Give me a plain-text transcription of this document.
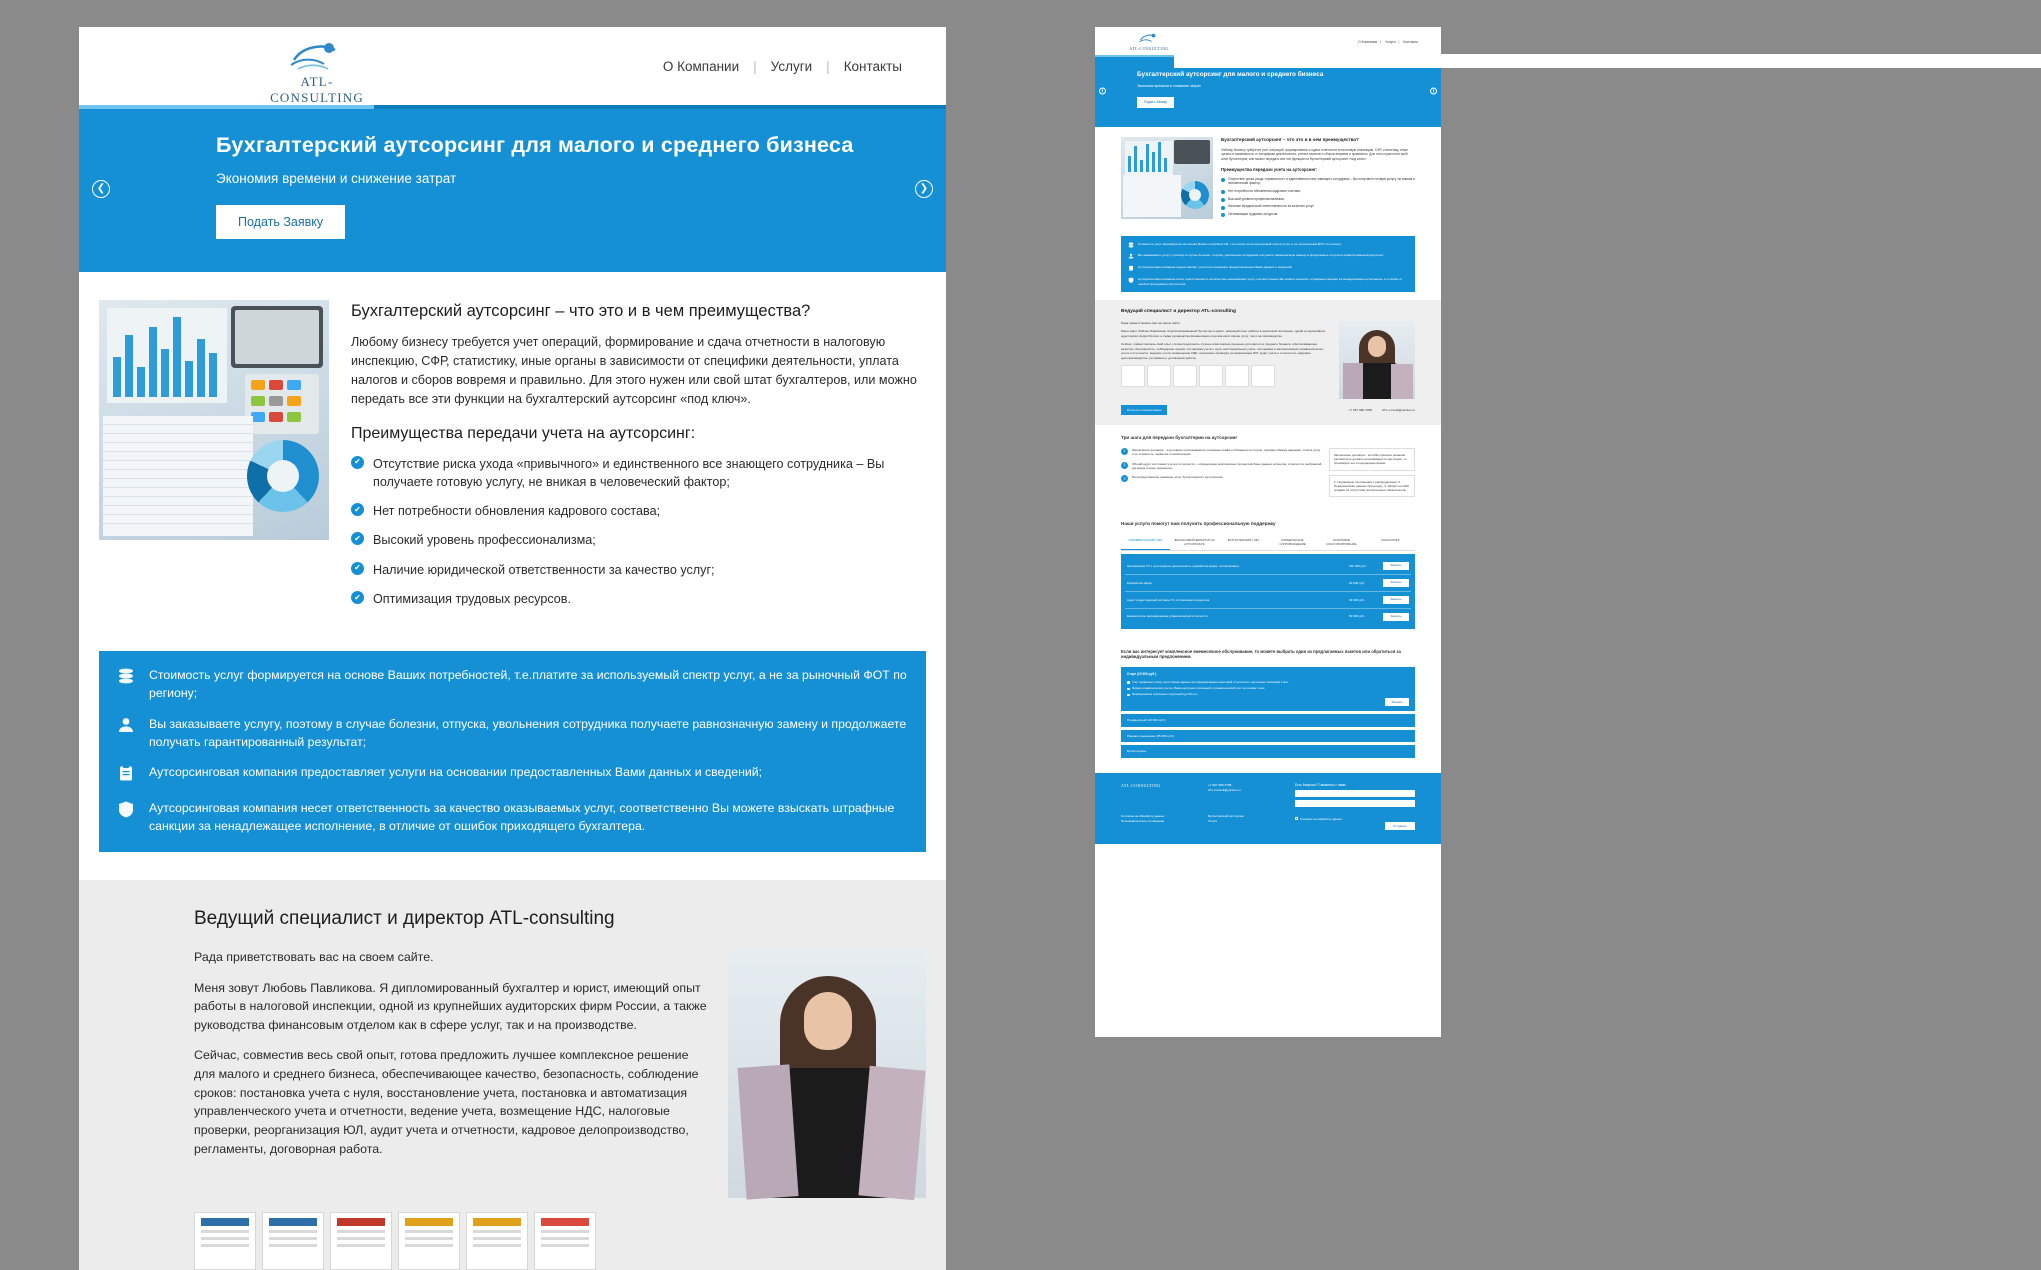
ATL-CONSULTING
О Компании	|	Услуги	|	Контакты
❮	❯
Бухгалтерский аутсорсинг для малого и среднего бизнеса
Экономия времени и снижение затрат
Подать Заявку
Бухгалтерский аутсорсинг – что это и в чем преимущества?

Любому бизнесу требуется учет операций, формирование и сдача отчетности в налоговую инспекцию, СФР, статистику, иные органы в зависимости от специфики деятельности, уплата налогов и сборов вовремя и правильно. Для этого нужен или свой штат бухгалтеров, или можно передать все эти функции на бухгалтерский аутсорсинг «под ключ».

Преимущества передачи учета на аутсорсинг:
✔ Отсутствие риска ухода «привычного» и единственного все знающего сотрудника – Вы получаете готовую услугу, не вникая в человеческий фактор;
✔ Нет потребности обновления кадрового состава;
✔ Высокий уровень профессионализма;
✔ Наличие юридической ответственности за качество услуг;
✔ Оптимизация трудовых ресурсов.
Стоимость услуг формируется на основе Ваших потребностей, т.е.платите за используемый спектр услуг, а не за рыночный ФОТ по региону;
Вы заказываете услугу, поэтому в случае болезни, отпуска, увольнения сотрудника получаете равнозначную замену и продолжаете получать гарантированный результат;
Аутсорсинговая компания предоставляет услуги на основании предоставленных Вами данных и сведений;
Аутсорсинговая компания несет ответственность за качество оказываемых услуг, соответственно Вы можете взыскать штрафные санкции за ненадлежащее исполнение, в отличие от ошибок приходящего бухгалтера.
Ведущий специалист и директор ATL-consulting

Рада приветствовать вас на своем сайте.

Меня зовут Любовь Павликова. Я дипломированный бухгалтер и юрист, имеющий опыт работы в налоговой инспекции, одной из крупнейших аудиторских фирм России, а также руководства финансовым отделом как в сфере услуг, так и на производстве.

Сейчас, совместив весь свой опыт, готова предложить лучшее комплексное решение для малого и среднего бизнеса, обеспечивающее качество, безопасность, соблюдение сроков: постановка учета с нуля, восстановление учета, постановка и автоматизация управленческого учета и отчетности, ведение учета, возмещение НДС, налоговые проверки, реорганизация ЮЛ, аудит учета и отчетности, кадровое делопроизводство, регламенты, договорная работа.

ATL-CONSULTING
О Компании | Услуги | Контакты
❮	❯
Бухгалтерский аутсорсинг для малого и среднего бизнеса
Экономия времени и снижение затрат
Подать Заявку
Бухгалтерский аутсорсинг – что это и в чем преимущества?

Любому бизнесу требуется учет операций, формирование и сдача отчетности в налоговую инспекцию, СФР, статистику, иные органы в зависимости от специфики деятельности, уплата налогов и сборов вовремя и правильно. Для этого нужен или свой штат бухгалтеров, или можно передать все эти функции на бухгалтерский аутсорсинг «под ключ».

Преимущества передачи учета на аутсорсинг:
Отсутствие риска ухода «привычного» и единственного все знающего сотрудника – Вы получаете готовую услугу, не вникая в человеческий фактор;
Нет потребности обновления кадрового состава;
Высокий уровень профессионализма;
Наличие юридической ответственности за качество услуг;
Оптимизация трудовых ресурсов.
Стоимость услуг формируется на основе Ваших потребностей, т.е.платите за используемый спектр услуг, а не за рыночный ФОТ по региону;
Вы заказываете услугу, поэтому в случае болезни, отпуска, увольнения сотрудника получаете равнозначную замену и продолжаете получать гарантированный результат;
Аутсорсинговая компания предоставляет услуги на основании предоставленных Вами данных и сведений;
Аутсорсинговая компания несет ответственность за качество оказываемых услуг, соответственно Вы можете взыскать штрафные санкции за ненадлежащее исполнение, в отличие от ошибок приходящего бухгалтера.
Ведущий специалист и директор ATL-consulting

Рада приветствовать вас на своем сайте.

Меня зовут Любовь Павликова. Я дипломированный бухгалтер и юрист, имеющий опыт работы в налоговой инспекции, одной из крупнейших аудиторских фирм России, а также руководства финансовым отделом как в сфере услуг, так и на производстве.

Сейчас, совместив весь свой опыт, готова предложить лучшее комплексное решение для малого и среднего бизнеса, обеспечивающее качество, безопасность, соблюдение сроков: постановка учета с нуля, восстановление учета, постановка и автоматизация управленческого учета и отчетности, ведение учета, возмещение НДС, налоговые проверки, реорганизация ЮЛ, аудит учета и отчетности, кадровое делопроизводство, регламенты, договорная работа.

Получить консультацию	+7 967 980 3788	ATL-consult@yandex.ru
Три шага для передачи бухгалтерии на аутсорсинг
1	Заключение договора – в договоре прописываются основные права и обязанности сторон, порядок обмена данными, список услуг и их стоимость, гарантии и компенсации.
2	Общий аудит состояния учета и отчетности – определение комплексных процессов базы данных клиентов, отчетности, выбранной договора и иные документы.
3	Непосредственное оказание услуг бухгалтерского аутсорсинга.
Заключение договора – если Вы приняли решение рассмотреть договор на возможность прочтения, то производит его в подходящее время.
1. Подписание соглашения о распределении; 2. Передача базы данных бухгалтеру; 3. Запрос на ИНС справки об отсутствии просроченных обязательств.
Наши услуги помогут вам получить профессиональную поддержку
УПРАВЛЕНЧЕСКИЙ УЧЁТ	ФИНАНСОВЫЙ ДИРЕКТОР НА АУТСОРСИНГЕ
БУХГАЛТЕРСКИЙ УЧЁТ	ЮРИДИЧЕСКОЕ СОПРОВОЖДЕНИЕ
НАЛОГОВОЕ КОНСУЛЬТИРОВАНИЕ
КОНСАЛТИНГ
Организация УУ с нуля (анализ деятельности, разработка форм, тестирование)	150 000 руб.	Заказать
Разработка форм	20 000 руб.	Заказать
Аудит существующей системы УУ, оптимизация процессов	30 000 руб.	Заказать
Ежемесячное формирование управленческой отчетности	50 000 руб.	Заказать

Если вас интересует комплексное ежемесячное обслуживание, то можете выбрать один из предлагаемых пакетов или обратиться за индивидуальным предложением.

Старт (20 000 руб.)
Учет первичных (сбор, регистрация данных для формирования налоговой отчетности и налоговых платежей) 1 мес.
Форма управленческих учета с Вами настроен платежный и управленческий учет на основе 1 мес.
Формирование платежных поручений (до 50 шт.)
Заказать
Продвинутый (40 000 руб.)
Разовое изменение (65 000 руб.)
Бухгалтерия+
ATL-CONSULTING	+7 967 980 3788
ATL-consult@yandex.ru
Есть Вопросы? Свяжитесь с нами:
Согласие на обработку данных
Пользовательское соглашение
Бухгалтерский аутсорсинг
Услуги
Согласие на обработку данных
Отправить
